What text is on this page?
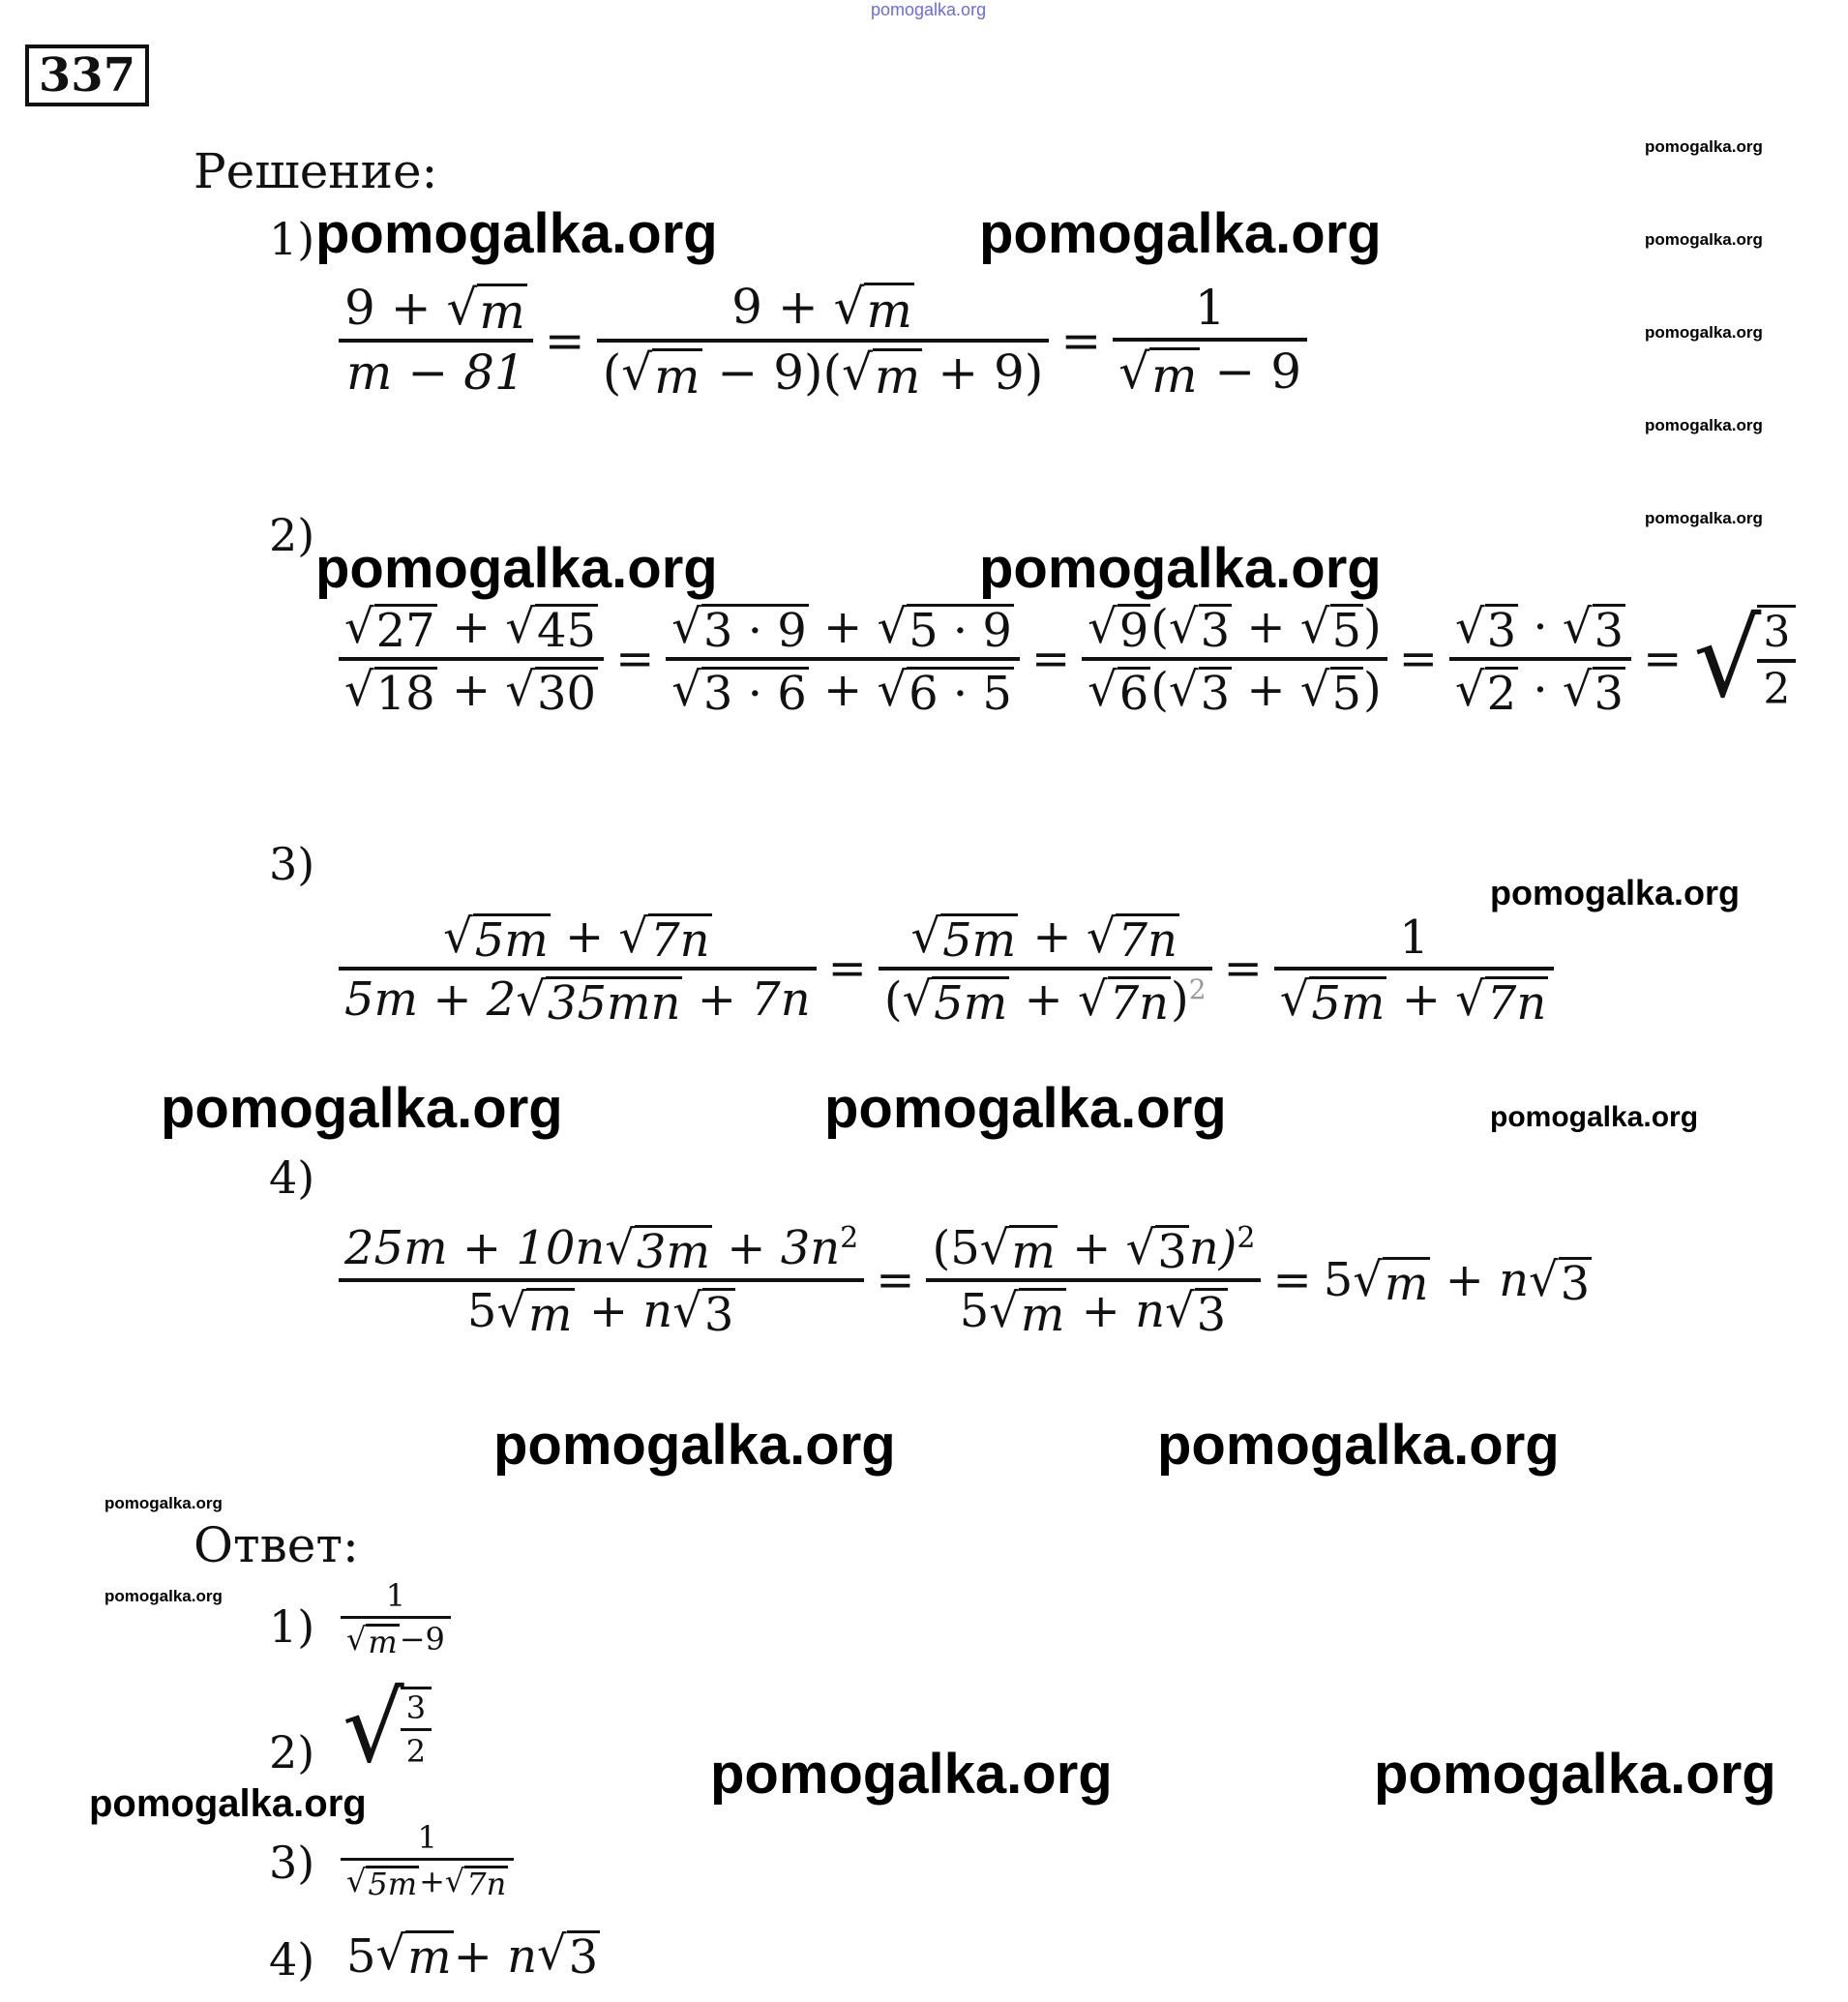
pomogalka.org
337
Решение:	pomogalka.org
pomogalka.org
pomogalka.org
pomogalka.org
pomogalka.org
1) pomogalka.org	pomogalka.org
$\frac{9 + √ m}{m - 81} = \frac{9 + √ m}{( √ m - 9)( √ m + 9)} = \frac{1}{√ m - 9}$
2)
pomogalka.org	pomogalka.org
$\frac{√ 27 + √ 45}{√ 18 + √ 30} = \frac{√ 3 \cdot 9 + √ 5 \cdot 9}{√ 3 \cdot 6 + √ 6 \cdot 5} = \frac{√ 9 ( √ 3 + √ 5 )}{√ 6 ( √ 3 + √ 5 )} = \frac{√ 3 \cdot √ 3}{√ 2 \cdot √ 3}$ = √
$\frac{3}{2}$
3)
pomogalka.org
$\frac{√ 5m + √ 7n}{5m + 2 √ 35mn + 7n} = \frac{√ 5m + √ 7n}{( √ 5m + √ 7n )^2} = \frac{1}{√ 5m + √ 7n}$
pomogalka.org	pomogalka.org	pomogalka.org
4)
$\frac{25m + 10n √ 3m + 3n^2}{5 √ m + n √ 3} = \frac{(5 √ m + √ 3 n)^2}{5 √ m + n √ 3} = 5$ √ m + n √ 3
pomogalka.org	pomogalka.org
pomogalka.org
Ответ:
pomogalka.org
$1) \frac{1}{√ m -9}$
2) √
$\frac{3}{2}$
pomogalka.org	pomogalka.org	pomogalka.org
$3) \frac{1}{√ 5m + √ 7n}$
4) 5 √ m + n √ 3
